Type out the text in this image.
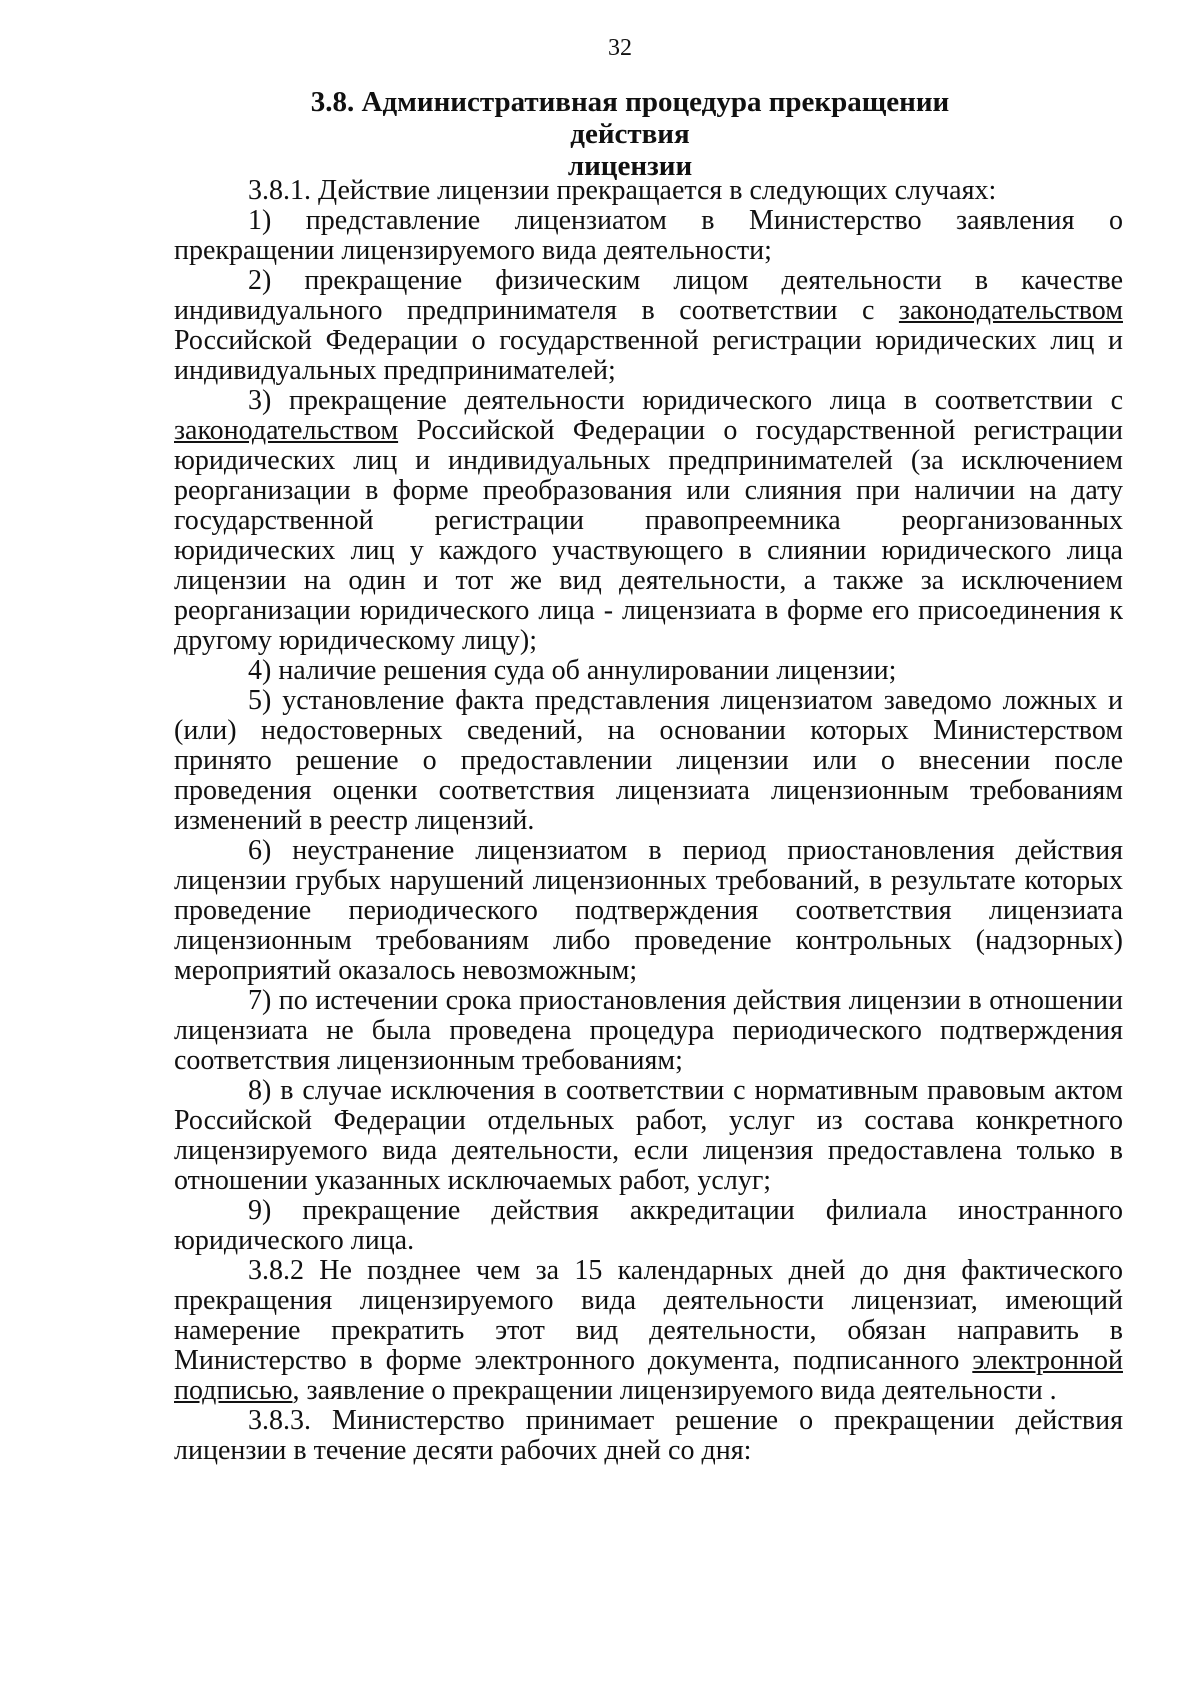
32
3.8. Административная процедура прекращении действия
лицензии

3.8.1. Действие лицензии прекращается в следующих случаях:

1) представление лицензиатом в Министерство заявления о прекращении лицензируемого вида деятельности;

2) прекращение физическим лицом деятельности в качестве индивидуального предпринимателя в соответствии с законодательством Российской Федерации о государственной регистрации юридических лиц и индивидуальных предпринимателей;

3) прекращение деятельности юридического лица в соответствии с законодательством Российской Федерации о государственной регистрации юридических лиц и индивидуальных предпринимателей (за исключением реорганизации в форме преобразования или слияния при наличии на дату государственной регистрации правопреемника реорганизованных юридических лиц у каждого участвующего в слиянии юридического лица лицензии на один и тот же вид деятельности, а также за исключением реорганизации юридического лица - лицензиата в форме его присоединения к другому юридическому лицу);

4) наличие решения суда об аннулировании лицензии;

5) установление факта представления лицензиатом заведомо ложных и (или) недостоверных сведений, на основании которых Министерством принято решение о предоставлении лицензии или о внесении после проведения оценки соответствия лицензиата лицензионным требованиям изменений в реестр лицензий.

6) неустранение лицензиатом в период приостановления действия лицензии грубых нарушений лицензионных требований, в результате которых проведение периодического подтверждения соответствия лицензиата лицензионным требованиям либо проведение контрольных (надзорных) мероприятий оказалось невозможным;

7) по истечении срока приостановления действия лицензии в отношении лицензиата не была проведена процедура периодического подтверждения соответствия лицензионным требованиям;

8) в случае исключения в соответствии с нормативным правовым актом Российской Федерации отдельных работ, услуг из состава конкретного лицензируемого вида деятельности, если лицензия предоставлена только в отношении указанных исключаемых работ, услуг;

9) прекращение действия аккредитации филиала иностранного юридического лица.

3.8.2 Не позднее чем за 15 календарных дней до дня фактического прекращения лицензируемого вида деятельности лицензиат, имеющий намерение прекратить этот вид деятельности, обязан направить в Министерство в форме электронного документа, подписанного электронной подписью, заявление о прекращении лицензируемого вида деятельности .

3.8.3. Министерство принимает решение о прекращении действия лицензии в течение десяти рабочих дней со дня:
